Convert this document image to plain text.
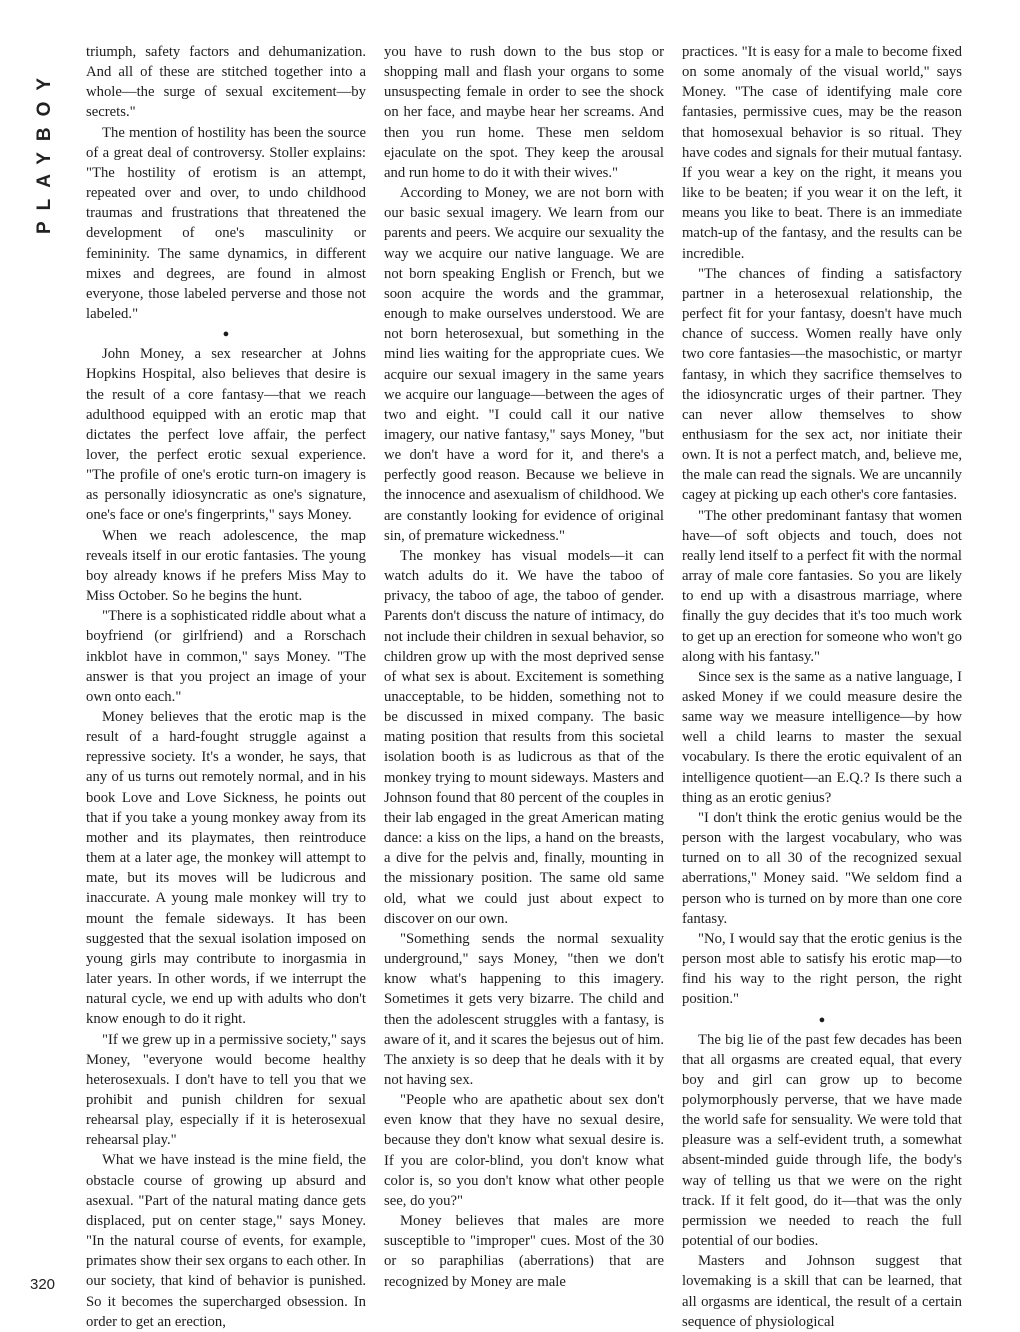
PLAYBOY

triumph, safety factors and dehumanization. And all of these are stitched together into a whole—the surge of sexual excitement—by secrets."

The mention of hostility has been the source of a great deal of controversy. Stoller explains: "The hostility of erotism is an attempt, repeated over and over, to undo childhood traumas and frustrations that threatened the development of one's masculinity or femininity. The same dynamics, in different mixes and degrees, are found in almost everyone, those labeled perverse and those not labeled."

●

John Money, a sex researcher at Johns Hopkins Hospital, also believes that desire is the result of a core fantasy—that we reach adulthood equipped with an erotic map that dictates the perfect love affair, the perfect lover, the perfect erotic sexual experience. "The profile of one's erotic turn-on imagery is as personally idiosyncratic as one's signature, one's face or one's fingerprints," says Money.

When we reach adolescence, the map reveals itself in our erotic fantasies. The young boy already knows if he prefers Miss May to Miss October. So he begins the hunt.

"There is a sophisticated riddle about what a boyfriend (or girlfriend) and a Rorschach inkblot have in common," says Money. "The answer is that you project an image of your own onto each."

Money believes that the erotic map is the result of a hard-fought struggle against a repressive society. It's a wonder, he says, that any of us turns out remotely normal, and in his book Love and Love Sickness, he points out that if you take a young monkey away from its mother and its playmates, then reintroduce them at a later age, the monkey will attempt to mate, but its moves will be ludicrous and inaccurate. A young male monkey will try to mount the female sideways. It has been suggested that the sexual isolation imposed on young girls may contribute to inorgasmia in later years. In other words, if we interrupt the natural cycle, we end up with adults who don't know enough to do it right.

"If we grew up in a permissive society," says Money, "everyone would become healthy heterosexuals. I don't have to tell you that we prohibit and punish children for sexual rehearsal play, especially if it is heterosexual rehearsal play."

What we have instead is the mine field, the obstacle course of growing up absurd and asexual. "Part of the natural mating dance gets displaced, put on center stage," says Money. "In the natural course of events, for example, primates show their sex organs to each other. In our society, that kind of behavior is punished. So it becomes the supercharged obsession. In order to get an erection,

you have to rush down to the bus stop or shopping mall and flash your organs to some unsuspecting female in order to see the shock on her face, and maybe hear her screams. And then you run home. These men seldom ejaculate on the spot. They keep the arousal and run home to do it with their wives."

According to Money, we are not born with our basic sexual imagery. We learn from our parents and peers. We acquire our sexuality the way we acquire our native language. We are not born speaking English or French, but we soon acquire the words and the grammar, enough to make ourselves understood. We are not born heterosexual, but something in the mind lies waiting for the appropriate cues. We acquire our sexual imagery in the same years we acquire our language—between the ages of two and eight. "I could call it our native imagery, our native fantasy," says Money, "but we don't have a word for it, and there's a perfectly good reason. Because we believe in the innocence and asexualism of childhood. We are constantly looking for evidence of original sin, of premature wickedness."

The monkey has visual models—it can watch adults do it. We have the taboo of privacy, the taboo of age, the taboo of gender. Parents don't discuss the nature of intimacy, do not include their children in sexual behavior, so children grow up with the most deprived sense of what sex is about. Excitement is something unacceptable, to be hidden, something not to be discussed in mixed company. The basic mating position that results from this societal isolation booth is as ludicrous as that of the monkey trying to mount sideways. Masters and Johnson found that 80 percent of the couples in their lab engaged in the great American mating dance: a kiss on the lips, a hand on the breasts, a dive for the pelvis and, finally, mounting in the missionary position. The same old same old, what we could just about expect to discover on our own.

"Something sends the normal sexuality underground," says Money, "then we don't know what's happening to this imagery. Sometimes it gets very bizarre. The child and then the adolescent struggles with a fantasy, is aware of it, and it scares the bejesus out of him. The anxiety is so deep that he deals with it by not having sex.

"People who are apathetic about sex don't even know that they have no sexual desire, because they don't know what sexual desire is. If you are color-blind, you don't know what color is, so you don't know what other people see, do you?"

Money believes that males are more susceptible to "improper" cues. Most of the 30 or so paraphilias (aberrations) that are recognized by Money are male

practices. "It is easy for a male to become fixed on some anomaly of the visual world," says Money. "The case of identifying male core fantasies, permissive cues, may be the reason that homosexual behavior is so ritual. They have codes and signals for their mutual fantasy. If you wear a key on the right, it means you like to be beaten; if you wear it on the left, it means you like to beat. There is an immediate match-up of the fantasy, and the results can be incredible.

"The chances of finding a satisfactory partner in a heterosexual relationship, the perfect fit for your fantasy, doesn't have much chance of success. Women really have only two core fantasies—the masochistic, or martyr fantasy, in which they sacrifice themselves to the idiosyncratic urges of their partner. They can never allow themselves to show enthusiasm for the sex act, nor initiate their own. It is not a perfect match, and, believe me, the male can read the signals. We are uncannily cagey at picking up each other's core fantasies.

"The other predominant fantasy that women have—of soft objects and touch, does not really lend itself to a perfect fit with the normal array of male core fantasies. So you are likely to end up with a disastrous marriage, where finally the guy decides that it's too much work to get up an erection for someone who won't go along with his fantasy."

Since sex is the same as a native language, I asked Money if we could measure desire the same way we measure intelligence—by how well a child learns to master the sexual vocabulary. Is there the erotic equivalent of an intelligence quotient—an E.Q.? Is there such a thing as an erotic genius?

"I don't think the erotic genius would be the person with the largest vocabulary, who was turned on to all 30 of the recognized sexual aberrations," Money said. "We seldom find a person who is turned on by more than one core fantasy.

"No, I would say that the erotic genius is the person most able to satisfy his erotic map—to find his way to the right person, the right position."

●

The big lie of the past few decades has been that all orgasms are created equal, that every boy and girl can grow up to become polymorphously perverse, that we have made the world safe for sensuality. We were told that pleasure was a self-evident truth, a somewhat absent-minded guide through life, the body's way of telling us that we were on the right track. If it felt good, do it—that was the only permission we needed to reach the full potential of our bodies.

Masters and Johnson suggest that lovemaking is a skill that can be learned, that all orgasms are identical, the result of a certain sequence of physiological

320
